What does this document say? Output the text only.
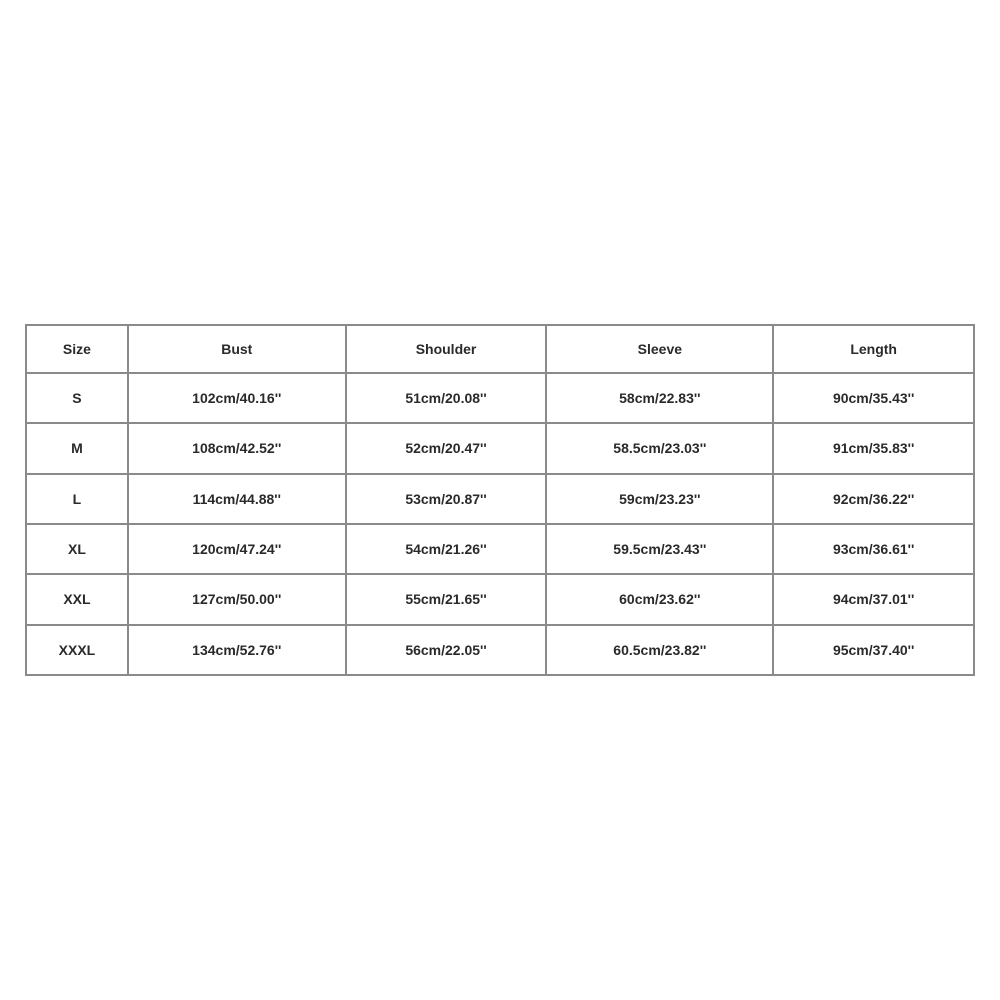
Size	Bust	Shoulder	Sleeve	Length
S	102cm/40.16''	51cm/20.08''	58cm/22.83''	90cm/35.43''
M	108cm/42.52''	52cm/20.47''	58.5cm/23.03''	91cm/35.83''
L	114cm/44.88''	53cm/20.87''	59cm/23.23''	92cm/36.22''
XL	120cm/47.24''	54cm/21.26''	59.5cm/23.43''	93cm/36.61''
XXL	127cm/50.00''	55cm/21.65''	60cm/23.62''	94cm/37.01''
XXXL	134cm/52.76''	56cm/22.05''	60.5cm/23.82''	95cm/37.40''
